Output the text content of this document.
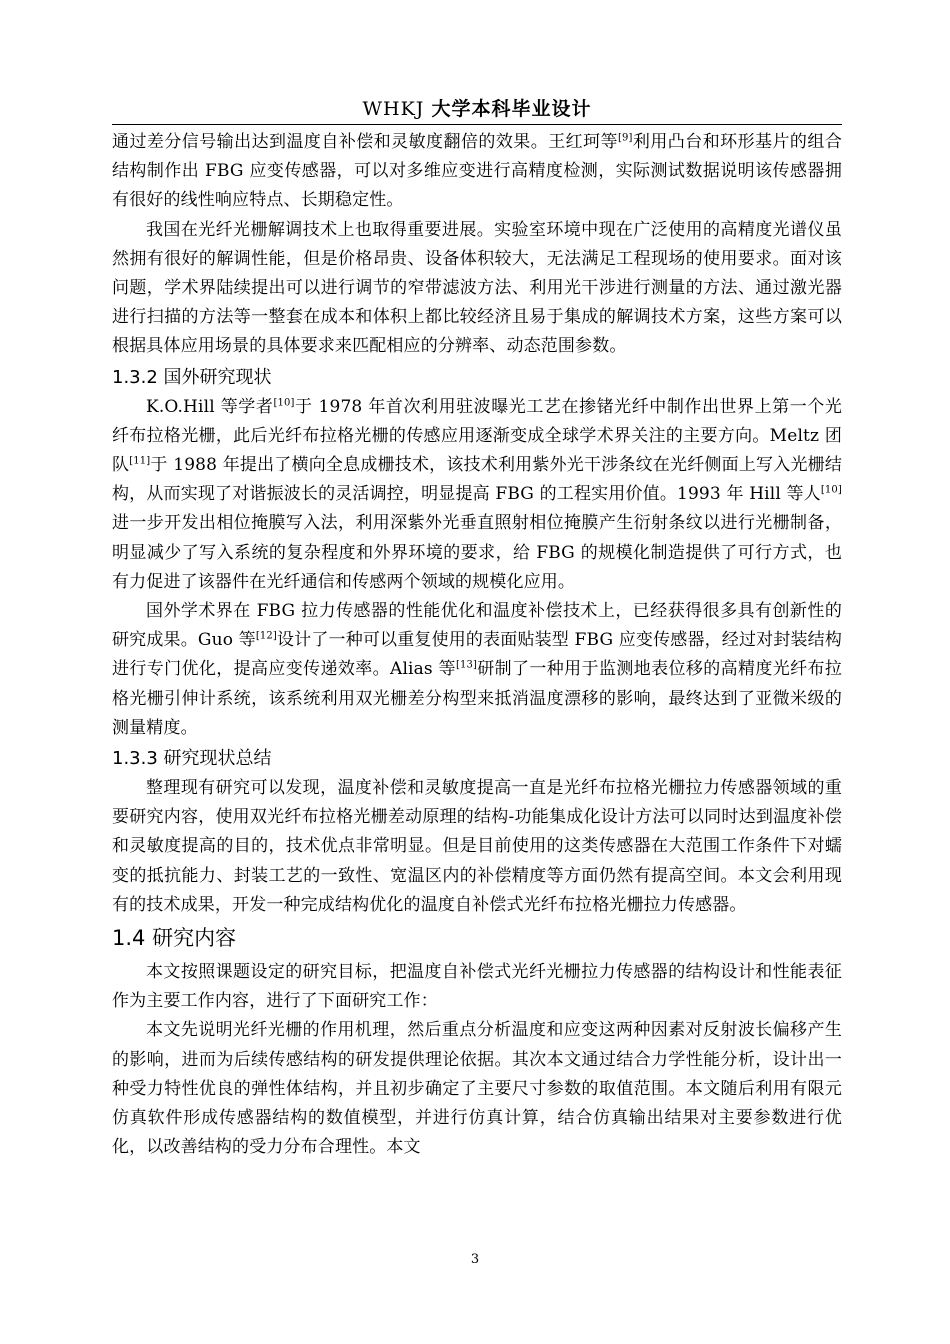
WHKJ 大学本科毕业设计

通过差分信号输出达到温度自补偿和灵敏度翻倍的效果。王红珂等[9]利用凸台和环形基片的组合结构制作出 FBG 应变传感器，可以对多维应变进行高精度检测，实际测试数据说明该传感器拥有很好的线性响应特点、长期稳定性。

我国在光纤光栅解调技术上也取得重要进展。实验室环境中现在广泛使用的高精度光谱仪虽然拥有很好的解调性能，但是价格昂贵、设备体积较大，无法满足工程现场的使用要求。面对该问题，学术界陆续提出可以进行调节的窄带滤波方法、利用光干涉进行测量的方法、通过激光器进行扫描的方法等一整套在成本和体积上都比较经济且易于集成的解调技术方案，这些方案可以根据具体应用场景的具体要求来匹配相应的分辨率、动态范围参数。

1.3.2 国外研究现状

K.O.Hill 等学者[10]于 1978 年首次利用驻波曝光工艺在掺锗光纤中制作出世界上第一个光纤布拉格光栅，此后光纤布拉格光栅的传感应用逐渐变成全球学术界关注的主要方向。Meltz 团队[11]于 1988 年提出了横向全息成栅技术，该技术利用紫外光干涉条纹在光纤侧面上写入光栅结构，从而实现了对谐振波长的灵活调控，明显提高 FBG 的工程实用价值。1993 年 Hill 等人[10]进一步开发出相位掩膜写入法，利用深紫外光垂直照射相位掩膜产生衍射条纹以进行光栅制备，明显减少了写入系统的复杂程度和外界环境的要求，给 FBG 的规模化制造提供了可行方式，也有力促进了该器件在光纤通信和传感两个领域的规模化应用。

国外学术界在 FBG 拉力传感器的性能优化和温度补偿技术上，已经获得很多具有创新性的研究成果。Guo 等[12]设计了一种可以重复使用的表面贴装型 FBG 应变传感器，经过对封装结构进行专门优化，提高应变传递效率。Alias 等[13]研制了一种用于监测地表位移的高精度光纤布拉格光栅引伸计系统，该系统利用双光栅差分构型来抵消温度漂移的影响，最终达到了亚微米级的测量精度。

1.3.3 研究现状总结

整理现有研究可以发现，温度补偿和灵敏度提高一直是光纤布拉格光栅拉力传感器领域的重要研究内容，使用双光纤布拉格光栅差动原理的结构-功能集成化设计方法可以同时达到温度补偿和灵敏度提高的目的，技术优点非常明显。但是目前使用的这类传感器在大范围工作条件下对蠕变的抵抗能力、封装工艺的一致性、宽温区内的补偿精度等方面仍然有提高空间。本文会利用现有的技术成果，开发一种完成结构优化的温度自补偿式光纤布拉格光栅拉力传感器。

1.4 研究内容

本文按照课题设定的研究目标，把温度自补偿式光纤光栅拉力传感器的结构设计和性能表征作为主要工作内容，进行了下面研究工作：

本文先说明光纤光栅的作用机理，然后重点分析温度和应变这两种因素对反射波长偏移产生的影响，进而为后续传感结构的研发提供理论依据。其次本文通过结合力学性能分析，设计出一种受力特性优良的弹性体结构，并且初步确定了主要尺寸参数的取值范围。本文随后利用有限元仿真软件形成传感器结构的数值模型，并进行仿真计算，结合仿真输出结果对主要参数进行优化，以改善结构的受力分布合理性。本文

3
